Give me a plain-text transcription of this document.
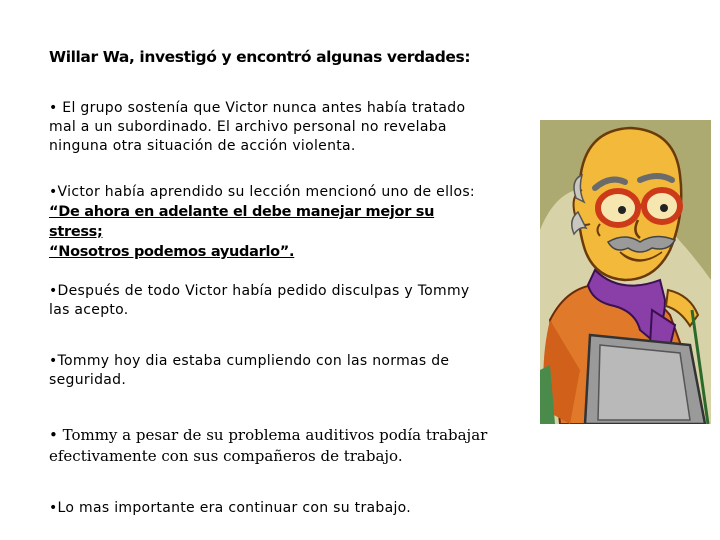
Willar Wa, investigó y encontró algunas verdades:
• El grupo sostenía que Victor nunca antes había tratado mal a un subordinado. El archivo personal no revelaba ninguna otra situación de acción violenta.
•Victor había aprendido su lección mencionó uno de ellos:
“De ahora en adelante el debe manejar mejor su stress;
“Nosotros podemos ayudarlo”.
•Después de todo Victor había pedido disculpas y Tommy las acepto.
•Tommy hoy dia estaba cumpliendo con las normas de seguridad.
• Tommy a pesar de su problema auditivos podía trabajar efectivamente con sus compañeros de trabajo.
•Lo mas importante era continuar con su trabajo.
